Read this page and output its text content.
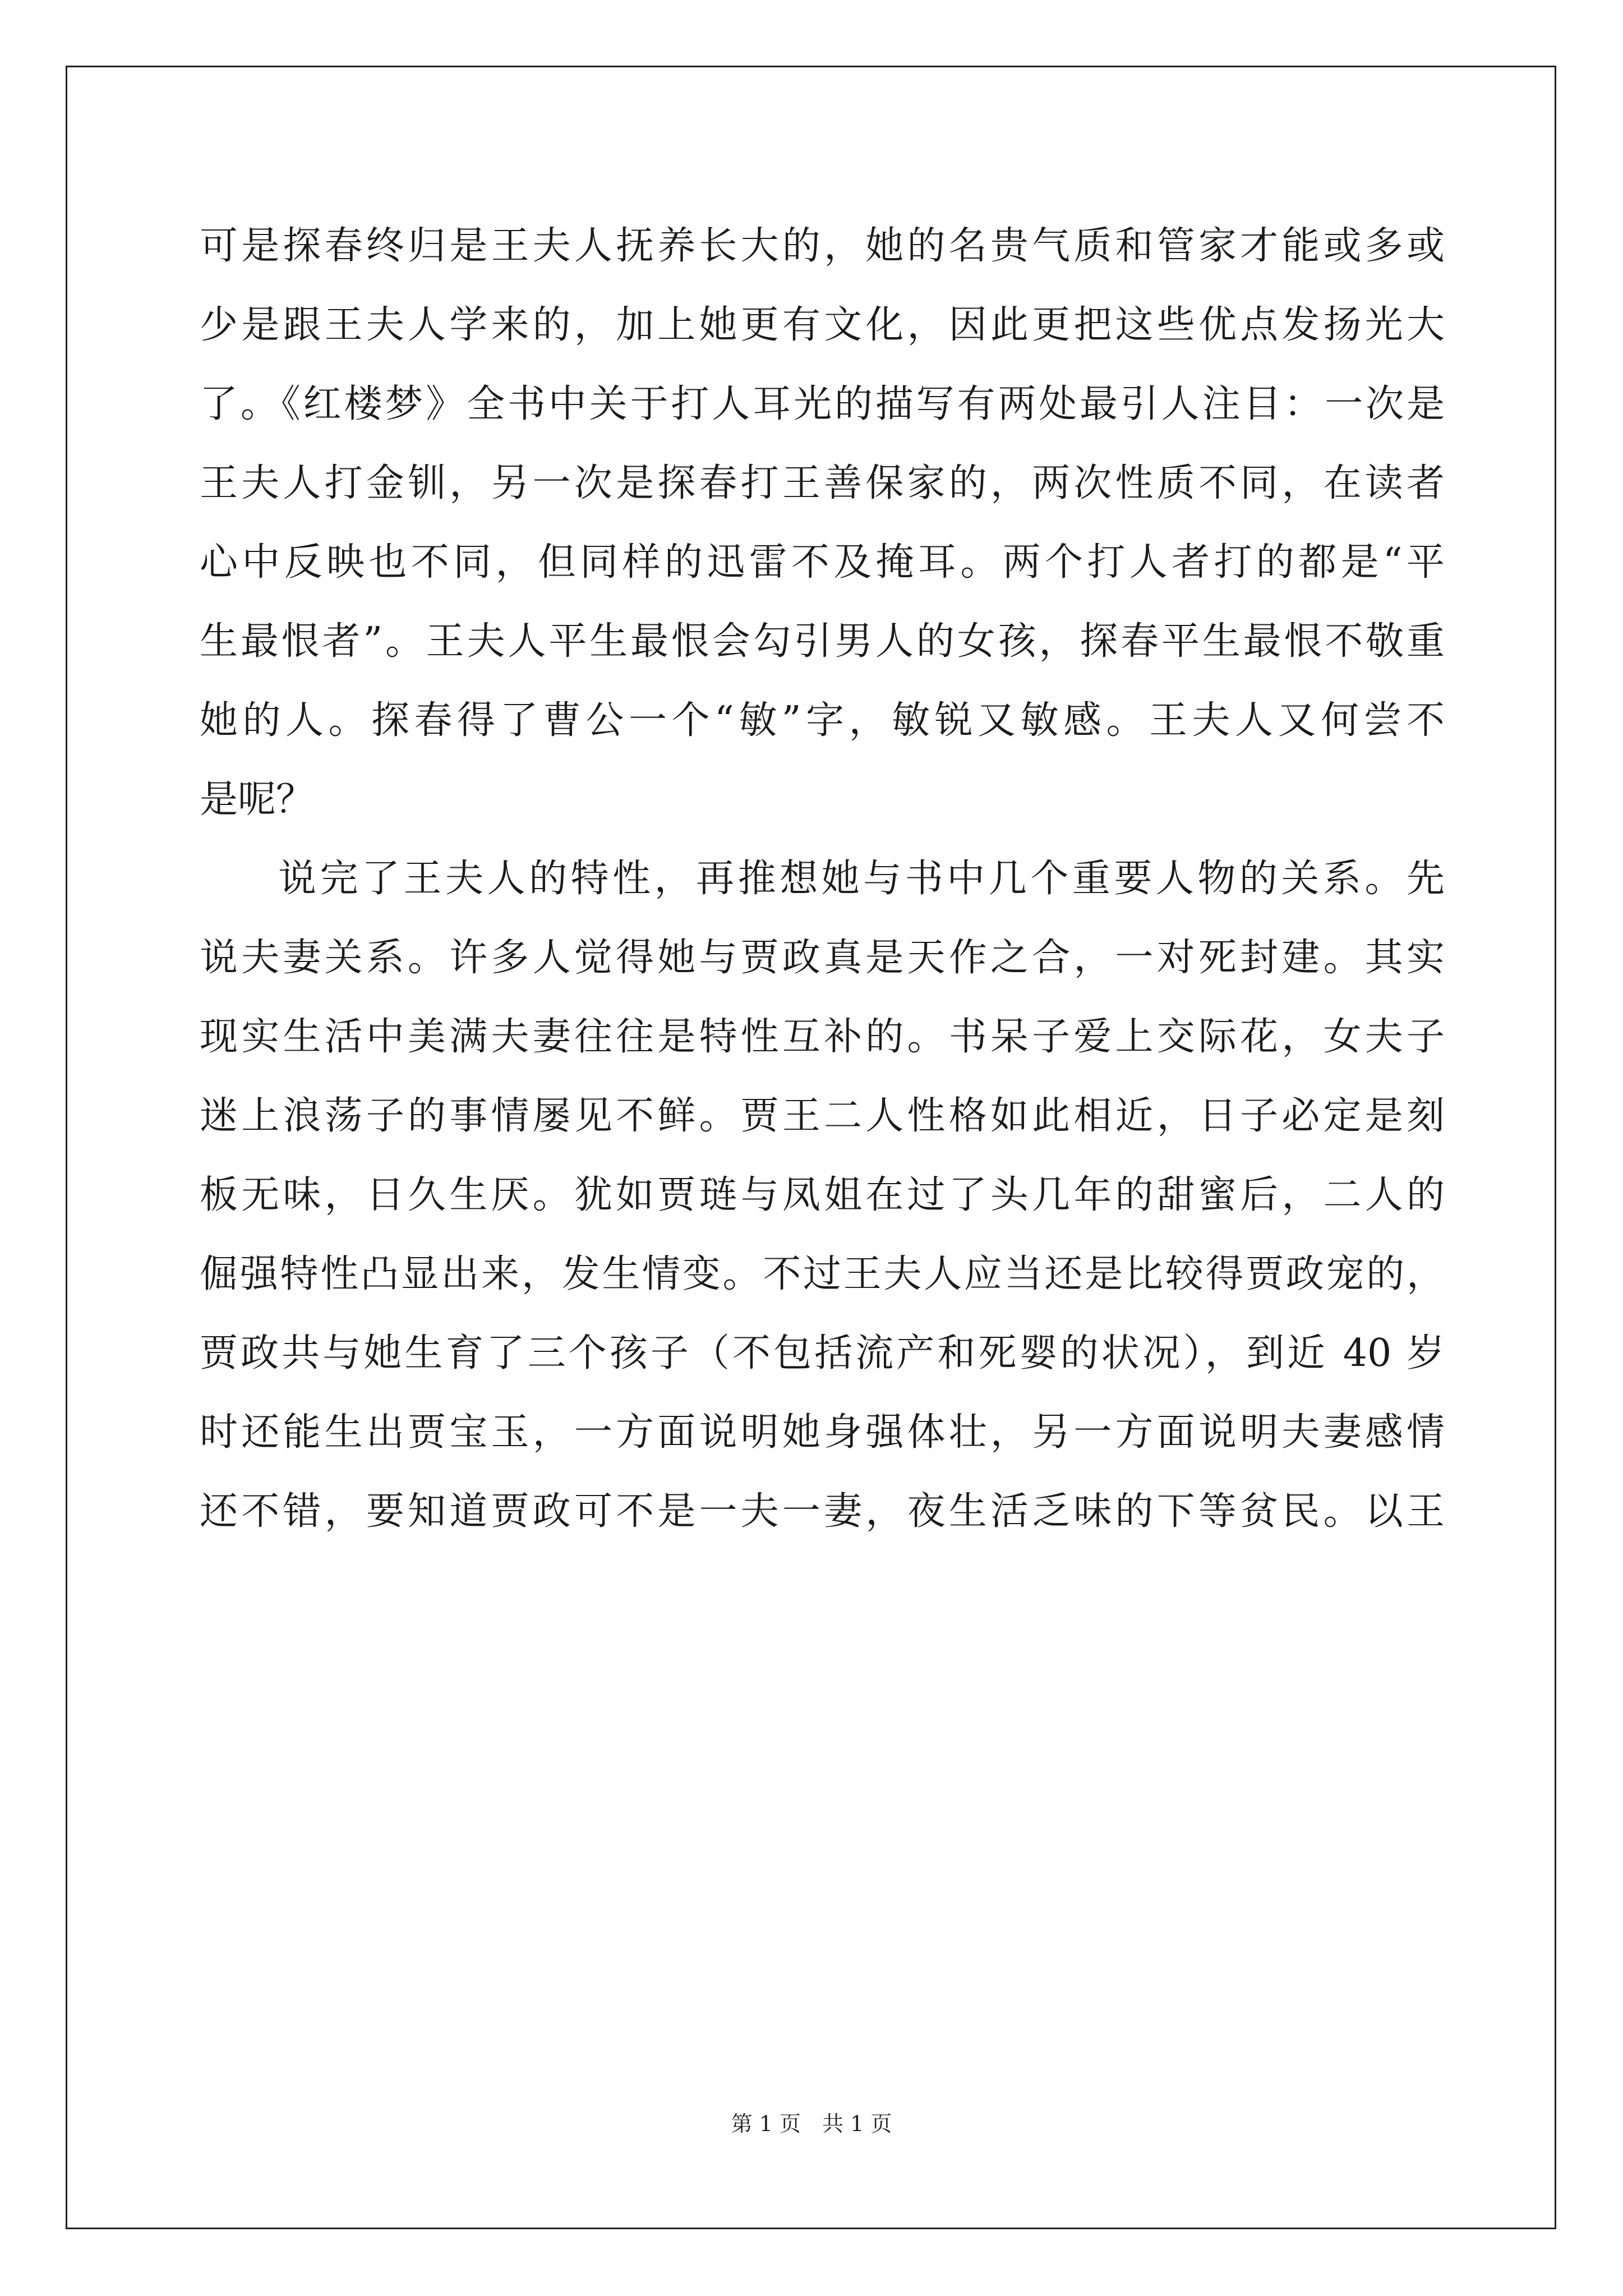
可是探春终归是王夫人抚养长大的，她的名贵气质和管家才能或多或
少是跟王夫人学来的，加上她更有文化，因此更把这些优点发扬光大
了。《红楼梦》全书中关于打人耳光的描写有两处最引人注目：一次是
王夫人打金钏，另一次是探春打王善保家的，两次性质不同，在读者
心中反映也不同，但同样的迅雷不及掩耳。两个打人者打的都是“平
生最恨者”。王夫人平生最恨会勾引男人的女孩，探春平生最恨不敬重
她的人。探春得了曹公一个“敏”字，敏锐又敏感。王夫人又何尝不
是呢？
说完了王夫人的特性，再推想她与书中几个重要人物的关系。先
说夫妻关系。许多人觉得她与贾政真是天作之合，一对死封建。其实
现实生活中美满夫妻往往是特性互补的。书呆子爱上交际花，女夫子
迷上浪荡子的事情屡见不鲜。贾王二人性格如此相近，日子必定是刻
板无味，日久生厌。犹如贾琏与凤姐在过了头几年的甜蜜后，二人的
倔强特性凸显出来，发生情变。不过王夫人应当还是比较得贾政宠的，
贾政共与她生育了三个孩子（不包括流产和死婴的状况），到近 40 岁
时还能生出贾宝玉，一方面说明她身强体壮，另一方面说明夫妻感情
还不错，要知道贾政可不是一夫一妻，夜生活乏味的下等贫民。以王
第 1 页　共 1 页
